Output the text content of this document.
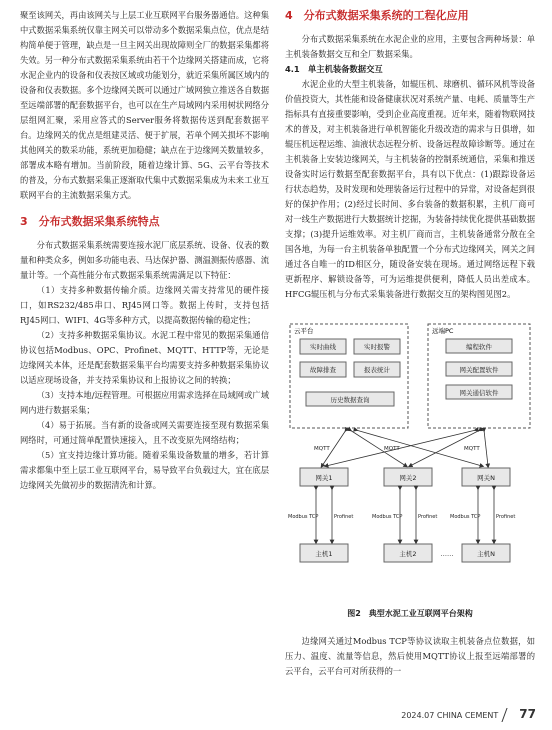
聚至该网关，再由该网关与上层工业互联网平台服务器通信。这种集中式数据采集系统仅靠主网关可以带动多个数据采集点位，优点是结构简单便于管理，缺点是一旦主网关出现故障则全厂的数据采集都将失效。另一种分布式数据采集系统由若干个边缘网关搭建而成，它将水泥企业内的设备和仪表按区域或功能划分，就近采集所属区域内的设备和仪表数据。多个边缘网关既可以通过广域网独立推送各自数据至远端部署的配套数据平台，也可以在生产局域网内采用树状网络分层组网汇聚，采用应答式的Server服务将数据传送到配套数据平台。边缘网关的优点是组建灵活、便于扩展，若单个网关损坏不影响其他网关的数采功能，系统更加稳健；缺点在于边缘网关数量较多，部署成本略有增加。当前阶段，随着边缘计算、5G、云平台等技术的普及，分布式数据采集正逐渐取代集中式数据采集成为未来工业互联网平台的主流数据采集方式。

3　分布式数据采集系统特点

分布式数据采集系统需要连接水泥厂底层系统、设备、仪表的数量和种类众多，例如多功能电表、马达保护器、测温测振传感器、流量计等。一个高性能分布式数据采集系统需满足以下特征：

（1）支持多种数据传输介质。边缘网关需支持常见的硬件接口，如RS232/485串口、RJ45网口等。数据上传时，支持包括RJ45网口、WIFI、4G等多种方式，以提高数据传输的稳定性；

（2）支持多种数据采集协议。水泥工程中常见的数据采集通信协议包括Modbus、OPC、Profinet、MQTT、HTTP等，无论是边缘网关本体，还是配套数据采集平台均需要支持多种数据采集协议以适应现场设备，并支持采集协议和上报协议之间的转换；

（3）支持本地/远程管理。可根据应用需求选择在局域网或广域网内进行数据采集；

（4）易于拓展。当有新的设备或网关需要连接至现有数据采集网络时，可通过简单配置快速接入，且不改变原先网络结构；

（5）宜支持边缘计算功能。随着采集设备数量的增多，若计算需求都集中至上层工业互联网平台，易导致平台负载过大，宜在底层边缘网关先做初步的数据清洗和计算。

4　分布式数据采集系统的工程化应用

分布式数据采集系统在水泥企业的应用，主要包含两种场景：单主机装备数据交互和全厂数据采集。

4.1　单主机装备数据交互

水泥企业的大型主机装备，如辊压机、球磨机、循环风机等设备价值投资大，其性能和设备健康状况对系统产量、电耗、质量等生产指标具有直接重要影响，受到企业高度重视。近年来，随着物联网技术的普及，对主机装备进行单机智能化升级改造的需求与日俱增，如辊压机远程运维、油液状态远程分析、设备远程故障诊断等。通过在主机装备上安装边缘网关，与主机装备的控制系统通信，采集和推送设备实时运行数据至配套数据平台，具有以下优点：(1)跟踪设备运行状态趋势，及时发现和处理装备运行过程中的异常，对设备起到很好的保护作用；(2)经过长时间、多台装备的数据积累，主机厂商可对一线生产数据进行大数据统计挖掘，为装备持续优化提供基础数据支撑；(3)提升运维效率。对主机厂商而言，主机装备通常分散在全国各地，为每一台主机装备单独配置一个分布式边缘网关，网关之间通过各自唯一的ID相区分，随设备安装在现场。通过网络远程下载更新程序、解锁设备等，可为运维提供便利，降低人员出差成本。HFCG辊压机与分布式采集装备进行数据交互的架构图见图2。

云平台
实时曲线	实时报警
故障排查	报表统计
历史数据查询
远端PC
编程软件
网关配置软件
网关通信软件
MQTT	MQTT	MQTT
网关1	网关2	网关N
Modbus TCP	Profinet	Modbus TCP	Profinet	Modbus TCP	Profinet
主机1	主机2	……	主机N
图2　典型水泥工业互联网平台架构

边缘网关通过Modbus TCP等协议读取主机装备点位数据，如压力、温度、流量等信息，然后使用MQTT协议上报至远端部署的云平台，云平台可对所获得的一

2024.07 CHINA CEMENT 77
